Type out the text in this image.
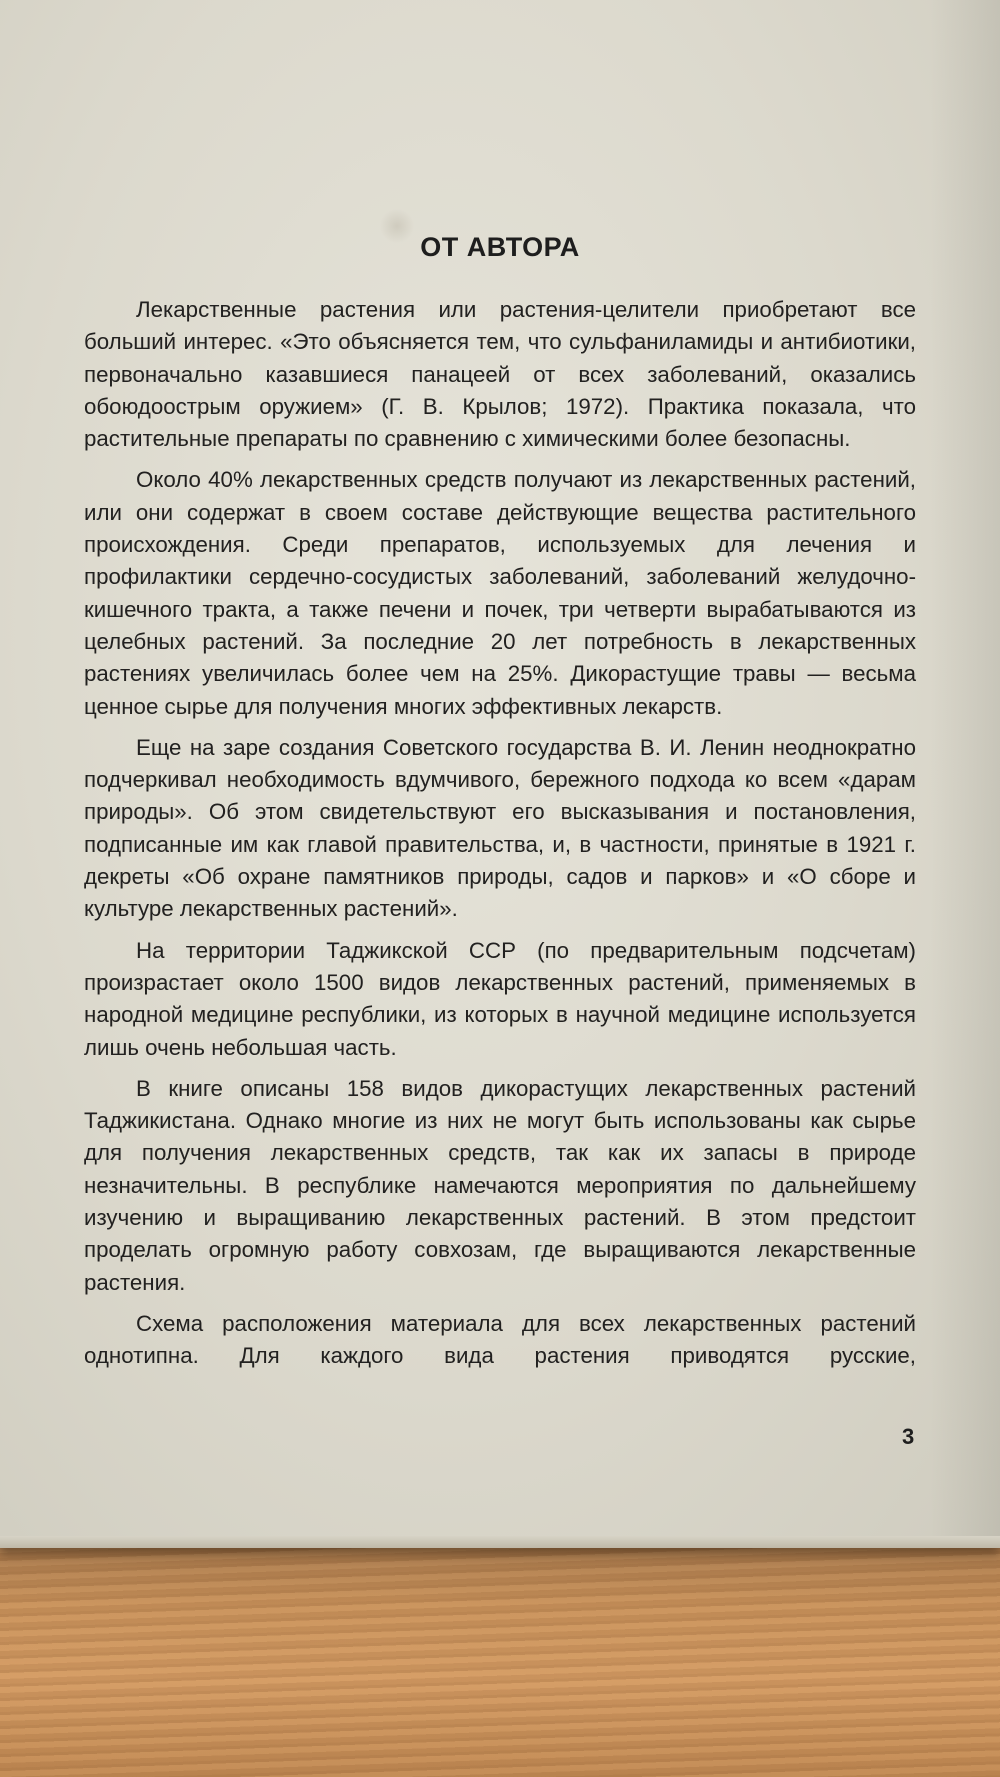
ОТ АВТОРА

Лекарственные растения или растения-целители приобретают все больший интерес. «Это объясняется тем, что сульфаниламиды и антибиотики, первоначально казавшиеся панацеей от всех заболеваний, оказались обоюдоострым оружием» (Г. В. Крылов; 1972). Практика показала, что растительные препараты по сравнению с химическими более безопасны.

Около 40% лекарственных средств получают из лекарственных растений, или они содержат в своем составе действующие вещества растительного происхождения. Среди препаратов, используемых для лечения и профилактики сердечно-сосудистых заболеваний, заболеваний желудочно-кишечного тракта, а также печени и почек, три четверти вырабатываются из целебных растений. За последние 20 лет потребность в лекарственных растениях увеличилась более чем на 25%. Дикорастущие травы — весьма ценное сырье для получения многих эффективных лекарств.

Еще на заре создания Советского государства В. И. Ленин неоднократно подчеркивал необходимость вдумчивого, бережного подхода ко всем «дарам природы». Об этом свидетельствуют его высказывания и постановления, подписанные им как главой правительства, и, в частности, принятые в 1921 г. декреты «Об охране памятников природы, садов и парков» и «О сборе и культуре лекарственных растений».

На территории Таджикской ССР (по предварительным подсчетам) произрастает около 1500 видов лекарственных растений, применяемых в народной медицине республики, из которых в научной медицине используется лишь очень небольшая часть.

В книге описаны 158 видов дикорастущих лекарственных растений Таджикистана. Однако многие из них не могут быть использованы как сырье для получения лекарственных средств, так как их запасы в природе незначительны. В республике намечаются мероприятия по дальнейшему изучению и выращиванию лекарственных растений. В этом предстоит проделать огромную работу совхозам, где выращиваются лекарственные растения.

Схема расположения материала для всех лекарственных растений однотипна. Для каждого вида растения приводятся русские,

3
